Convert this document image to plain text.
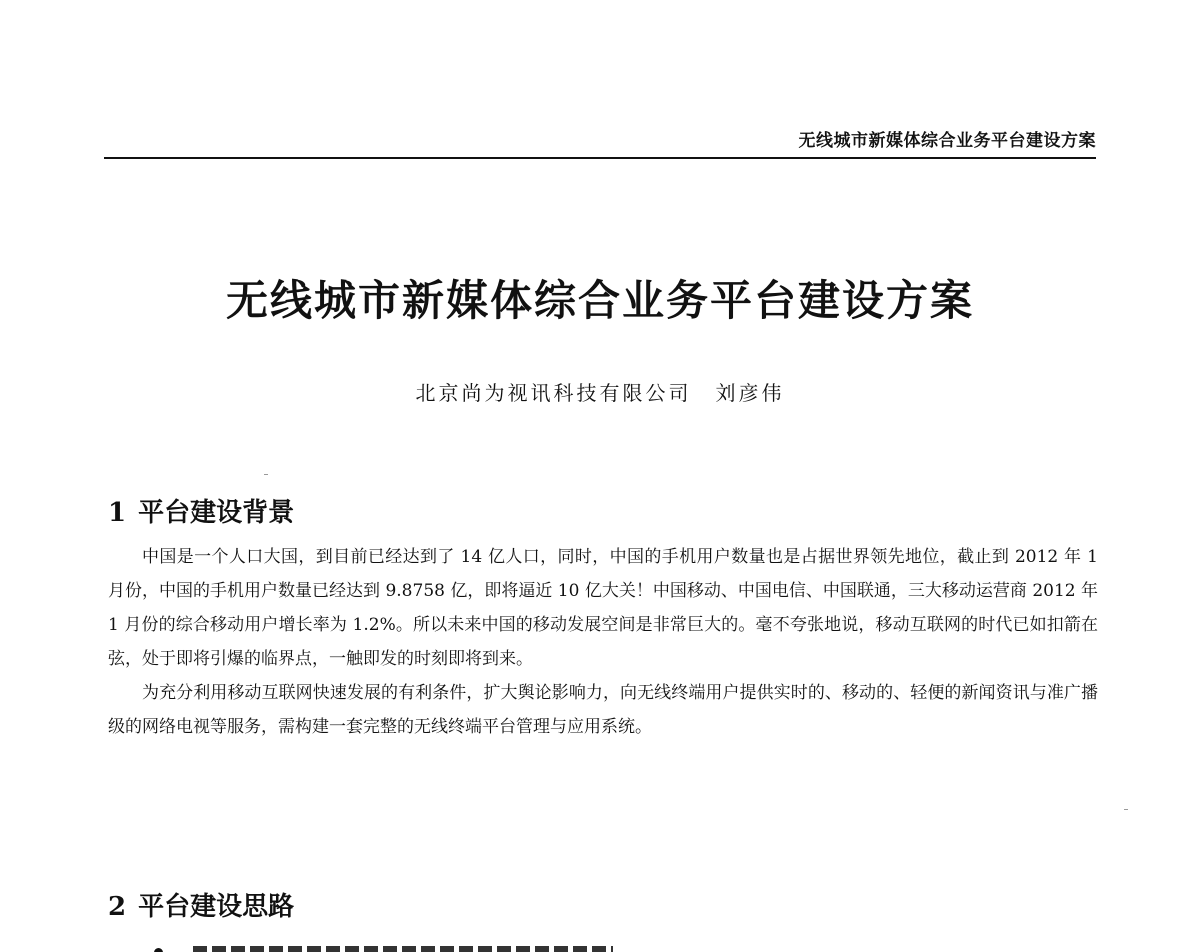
无线城市新媒体综合业务平台建设方案
无线城市新媒体综合业务平台建设方案
北京尚为视讯科技有限公司 刘彦伟
1 平台建设背景

中国是一个人口大国，到目前已经达到了 14 亿人口，同时，中国的手机用户数量也是占据世界领先地位，截止到 2012 年 1 月份，中国的手机用户数量已经达到 9.8758 亿，即将逼近 10 亿大关！中国移动、中国电信、中国联通，三大移动运营商 2012 年 1 月份的综合移动用户增长率为 1.2%。所以未来中国的移动发展空间是非常巨大的。毫不夸张地说，移动互联网的时代已如扣箭在弦，处于即将引爆的临界点，一触即发的时刻即将到来。

为充分利用移动互联网快速发展的有利条件，扩大舆论影响力，向无线终端用户提供实时的、移动的、轻便的新闻资讯与准广播级的网络电视等服务，需构建一套完整的无线终端平台管理与应用系统。

2 平台建设思路
